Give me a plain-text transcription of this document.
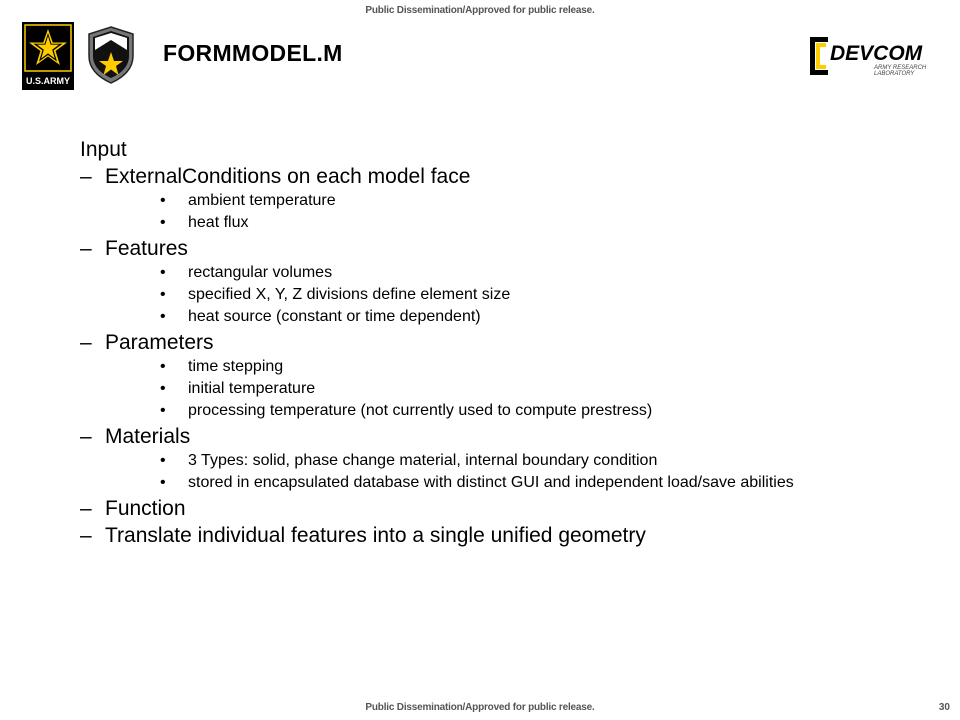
Public Dissemination/Approved for public release.
U.S.ARMY
FORMMODEL.M	DEVCOM
ARMY RESEARCH
LABORATORY

Input

– ExternalConditions on each model face
• ambient temperature
• heat flux
– Features
• rectangular volumes
• specified X, Y, Z divisions define element size
• heat source (constant or time dependent)
– Parameters
• time stepping
• initial temperature
• processing temperature (not currently used to compute prestress)
– Materials
• 3 Types: solid, phase change material, internal boundary condition
• stored in encapsulated database with distinct GUI and independent load/save abilities
– Function
– Translate individual features into a single unified geometry
Public Dissemination/Approved for public release.	30
